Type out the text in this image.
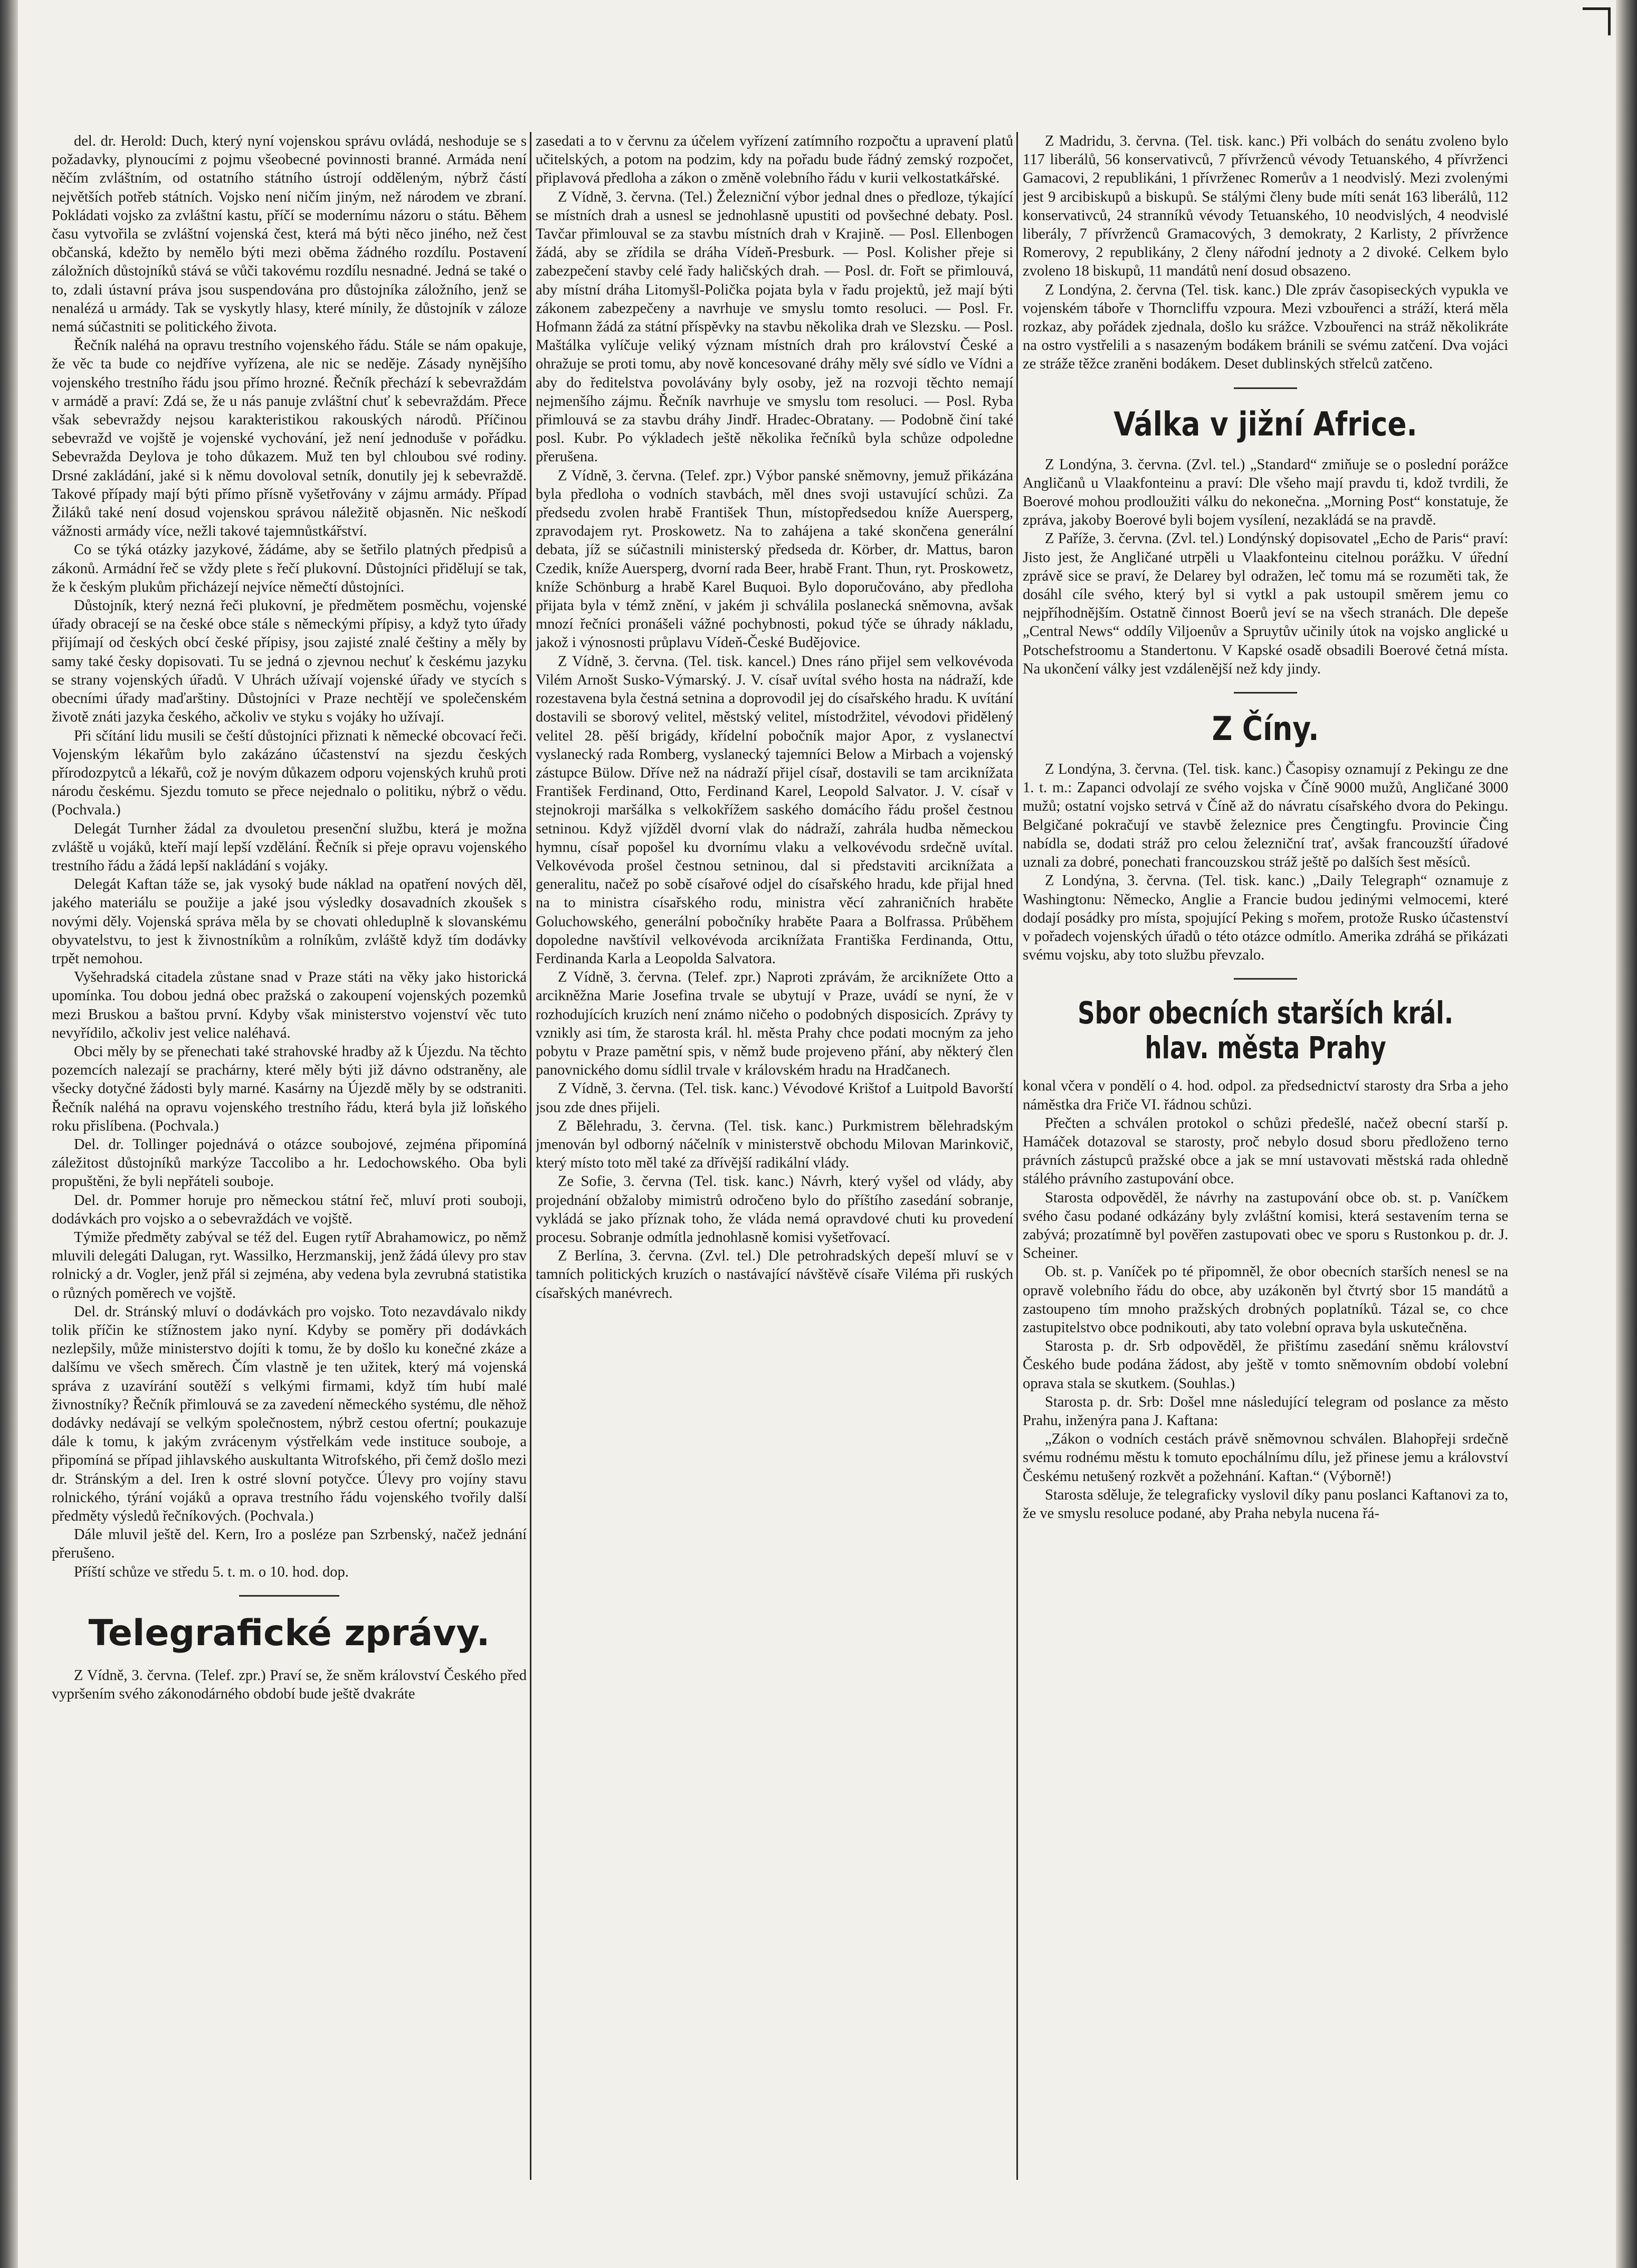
del. dr. Herold: Duch, který nyní vojenskou správu ovládá, neshoduje se s požadavky, plynoucími z pojmu všeobecné povinnosti branné. Armáda není něčím zvláštním, od ostatního státního ústrojí odděleným, nýbrž částí největších potřeb státních. Vojsko není ničím jiným, než národem ve zbraní. Pokládati vojsko za zvláštní kastu, příčí se modernímu názoru o státu. Během času vytvořila se zvláštní vojenská čest, která má býti něco jiného, než čest občanská, kdežto by nemělo býti mezi oběma žádného rozdílu. Postavení záložních důstojníků stává se vůči takovému rozdílu nesnadné. Jedná se také o to, zdali ústavní práva jsou suspendována pro důstojníka záložního, jenž se nenalézá u armády. Tak se vyskytly hlasy, které mínily, že důstojník v záloze nemá súčastniti se politického života.

Řečník naléhá na opravu trestního vojenského řádu. Stále se nám opakuje, že věc ta bude co nejdříve vyřízena, ale nic se neděje. Zásady nynějšího vojenského trestního řádu jsou přímo hrozné. Řečník přechází k sebevraždám v armádě a praví: Zdá se, že u nás panuje zvláštní chuť k sebevraždám. Přece však sebevraždy nejsou karakteristikou rakouských národů. Příčinou sebevražd ve vojště je vojenské vychování, jež není jednoduše v pořádku. Sebevražda Deylova je toho důkazem. Muž ten byl chloubou své rodiny. Drsné zakládání, jaké si k němu dovoloval setník, donutily jej k sebevraždě. Takové případy mají býti přímo přísně vyšetřovány v zájmu armády. Případ Žiláků také není dosud vojenskou správou náležitě objasněn. Nic neškodí vážnosti armády více, nežli takové tajemnůstkářství.

Co se týká otázky jazykové, žádáme, aby se šetřilo platných předpisů a zákonů. Armádní řeč se vždy plete s řečí plukovní. Důstojníci přidělují se tak, že k českým plukům přicházejí nejvíce němečtí důstojníci.

Důstojník, který nezná řeči plukovní, je předmětem posměchu, vojenské úřady obracejí se na české obce stále s německými přípisy, a když tyto úřady přijímají od českých obcí české přípisy, jsou zajisté znalé češtiny a měly by samy také česky dopisovati. Tu se jedná o zjevnou nechuť k českému jazyku se strany vojenských úřadů. V Uhrách užívají vojenské úřady ve stycích s obecními úřady maďarštiny. Důstojníci v Praze nechtějí ve společenském životě znáti jazyka českého, ačkoliv ve styku s vojáky ho užívají.

Při sčítání lidu musili se čeští důstojníci přiznati k německé obcovací řeči. Vojenským lékařům bylo zakázáno účastenství na sjezdu českých přírodozpytců a lékařů, což je novým důkazem odporu vojenských kruhů proti národu českému. Sjezdu tomuto se přece nejednalo o politiku, nýbrž o vědu. (Pochvala.)

Delegát Turnher žádal za dvouletou presenční službu, která je možna zvláště u vojáků, kteří mají lepší vzdělání. Řečník si přeje opravu vojenského trestního řádu a žádá lepší nakládání s vojáky.

Delegát Kaftan táže se, jak vysoký bude náklad na opatření nových děl, jakého materiálu se použije a jaké jsou výsledky dosavadních zkoušek s novými děly. Vojenská správa měla by se chovati ohleduplně k slovanskému obyvatelstvu, to jest k živnostníkům a rolníkům, zvláště když tím dodávky trpět nemohou.

Vyšehradská citadela zůstane snad v Praze státi na věky jako historická upomínka. Tou dobou jedná obec pražská o zakoupení vojenských pozemků mezi Bruskou a baštou první. Kdyby však ministerstvo vojenství věc tuto nevyřídilo, ačkoliv jest velice naléhavá.

Obci měly by se přenechati také strahovské hradby až k Újezdu. Na těchto pozemcích nalezají se prachárny, které měly býti již dávno odstraněny, ale všecky dotyčné žádosti byly marné. Kasárny na Újezdě měly by se odstraniti. Řečník naléhá na opravu vojenského trestního řádu, která byla již loňského roku přislíbena. (Pochvala.)

Del. dr. Tollinger pojednává o otázce soubojové, zejména připomíná záležitost důstojníků markýze Taccolibo a hr. Ledochowského. Oba byli propuštěni, že byli nepřáteli souboje.

Del. dr. Pommer horuje pro německou státní řeč, mluví proti souboji, dodávkách pro vojsko a o sebevraždách ve vojště.

Týmiže předměty zabýval se též del. Eugen rytíř Abrahamowicz, po němž mluvili delegáti Dalugan, ryt. Wassilko, Herzmanskij, jenž žádá úlevy pro stav rolnický a dr. Vogler, jenž přál si zejména, aby vedena byla zevrubná statistika o různých poměrech ve vojště.

Del. dr. Stránský mluví o dodávkách pro vojsko. Toto nezavdávalo nikdy tolik příčin ke stížnostem jako nyní. Kdyby se poměry při dodávkách nezlepšily, může ministerstvo dojíti k tomu, že by došlo ku konečné zkáze a dalšímu ve všech směrech. Čím vlastně je ten užitek, který má vojenská správa z uzavírání soutěží s velkými firmami, když tím hubí malé živnostníky? Řečník přimlouvá se za zavedení německého systému, dle něhož dodávky nedávají se velkým společnostem, nýbrž cestou ofertní; poukazuje dále k tomu, k jakým zvrácenym výstřelkám vede instituce souboje, a připomíná se případ jihlavského auskultanta Witrofského, při čemž došlo mezi dr. Stránským a del. Iren k ostré slovní potyčce. Úlevy pro vojíny stavu rolnického, týrání vojáků a oprava trestního řádu vojenského tvořily další předměty výsledů řečníkových. (Pochvala.)

Dále mluvil ještě del. Kern, Iro a posléze pan Szrbenský, načež jednání přerušeno.

Příští schůze ve středu 5. t. m. o 10. hod. dop.

Telegrafické zprávy.

Z Vídně, 3. června. (Telef. zpr.) Praví se, že sněm království Českého před vypršením svého zákonodárného období bude ještě dvakráte

zasedati a to v červnu za účelem vyřízení zatímního rozpočtu a upravení platů učitelských, a potom na podzim, kdy na pořadu bude řádný zemský rozpočet, připlavová předloha a zákon o změně volebního řádu v kurii velkostatkářské.

Z Vídně, 3. června. (Tel.) Železniční výbor jednal dnes o předloze, týkající se místních drah a usnesl se jednohlasně upustiti od povšechné debaty. Posl. Tavčar přimlouval se za stavbu místních drah v Krajině. — Posl. Ellenbogen žádá, aby se zřídila se dráha Vídeň-Presburk. — Posl. Kolisher přeje si zabezpečení stavby celé řady haličských drah. — Posl. dr. Fořt se přimlouvá, aby místní dráha Litomyšl-Polička pojata byla v řadu projektů, jež mají býti zákonem zabezpečeny a navrhuje ve smyslu tomto resoluci. — Posl. Fr. Hofmann žádá za státní příspěvky na stavbu několika drah ve Slezsku. — Posl. Maštálka vylíčuje veliký význam místních drah pro království České a ohražuje se proti tomu, aby nově koncesované dráhy měly své sídlo ve Vídni a aby do ředitelstva povolávány byly osoby, jež na rozvoji těchto nemají nejmenšího zájmu. Řečník navrhuje ve smyslu tom resoluci. — Posl. Ryba přimlouvá se za stavbu dráhy Jindř. Hradec-Obratany. — Podobně činí také posl. Kubr. Po výkladech ještě několika řečníků byla schůze odpoledne přerušena.

Z Vídně, 3. června. (Telef. zpr.) Výbor panské sněmovny, jemuž přikázána byla předloha o vodních stavbách, měl dnes svoji ustavující schůzi. Za předsedu zvolen hrabě František Thun, místopředsedou kníže Auersperg, zpravodajem ryt. Proskowetz. Na to zahájena a také skončena generální debata, jíž se súčastnili ministerský předseda dr. Körber, dr. Mattus, baron Czedik, kníže Auersperg, dvorní rada Beer, hrabě Frant. Thun, ryt. Proskowetz, kníže Schönburg a hrabě Karel Buquoi. Bylo doporučováno, aby předloha přijata byla v témž znění, v jakém ji schválila poslanecká sněmovna, avšak mnozí řečníci pronášeli vážné pochybnosti, pokud týče se úhrady nákladu, jakož i výnosnosti průplavu Vídeň-České Budějovice.

Z Vídně, 3. června. (Tel. tisk. kancel.) Dnes ráno přijel sem velkovévoda Vilém Arnošt Susko-Výmarský. J. V. císař uvítal svého hosta na nádraží, kde rozestavena byla čestná setnina a doprovodil jej do císařského hradu. K uvítání dostavili se sborový velitel, městský velitel, místodržitel, vévodovi přidělený velitel 28. pěší brigády, křídelní pobočník major Apor, z vyslanectví vyslanecký rada Romberg, vyslanecký tajemníci Below a Mirbach a vojenský zástupce Bülow. Dříve než na nádraží přijel císař, dostavili se tam arciknížata František Ferdinand, Otto, Ferdinand Karel, Leopold Salvator. J. V. císař v stejnokroji maršálka s velkokřížem saského domácího řádu prošel čestnou setninou. Když vjížděl dvorní vlak do nádraží, zahrála hudba německou hymnu, císař popošel ku dvornímu vlaku a velkovévodu srdečně uvítal. Velkovévoda prošel čestnou setninou, dal si představiti arciknížata a generalitu, načež po sobě císařové odjel do císařského hradu, kde přijal hned na to ministra císařského rodu, ministra věcí zahraničních hraběte Goluchowského, generální pobočníky hraběte Paara a Bolfrassa. Průběhem dopoledne navštívil velkovévoda arciknížata Františka Ferdinanda, Ottu, Ferdinanda Karla a Leopolda Salvatora.

Z Vídně, 3. června. (Telef. zpr.) Naproti zprávám, že arciknížete Otto a arcikněžna Marie Josefina trvale se ubytují v Praze, uvádí se nyní, že v rozhodujících kruzích není známo ničeho o podobných disposicích. Zprávy ty vznikly asi tím, že starosta král. hl. města Prahy chce podati mocným za jeho pobytu v Praze pamětní spis, v němž bude projeveno přání, aby některý člen panovnického domu sídlil trvale v královském hradu na Hradčanech.

Z Vídně, 3. června. (Tel. tisk. kanc.) Vévodové Krištof a Luitpold Bavorští jsou zde dnes přijeli.

Z Bělehradu, 3. června. (Tel. tisk. kanc.) Purkmistrem bělehradským jmenován byl odborný náčelník v ministerstvě obchodu Milovan Marinkovič, který místo toto měl také za dřívější radikální vlády.

Ze Sofie, 3. června (Tel. tisk. kanc.) Návrh, který vyšel od vlády, aby projednání obžaloby mimistrů odročeno bylo do příštího zasedání sobranje, vykládá se jako příznak toho, že vláda nemá opravdové chuti ku provedení procesu. Sobranje odmítla jednohlasně komisi vyšetřovací.

Z Berlína, 3. června. (Zvl. tel.) Dle petrohradských depeší mluví se v tamních politických kruzích o nastávající návštěvě císaře Viléma při ruských císařských manévrech.

Z Madridu, 3. června. (Tel. tisk. kanc.) Při volbách do senátu zvoleno bylo 117 liberálů, 56 konservativců, 7 přívrženců vévody Tetuanského, 4 přívrženci Gamacovi, 2 republikáni, 1 přívrženec Romerův a 1 neodvislý. Mezi zvolenými jest 9 arcibiskupů a biskupů. Se stálými členy bude míti senát 163 liberálů, 112 konservativců, 24 stranníků vévody Tetuanského, 10 neodvislých, 4 neodvislé liberály, 7 přívrženců Gramacových, 3 demokraty, 2 Karlisty, 2 přívržence Romerovy, 2 republikány, 2 členy nářodní jednoty a 2 divoké. Celkem bylo zvoleno 18 biskupů, 11 mandátů není dosud obsazeno.

Z Londýna, 2. června (Tel. tisk. kanc.) Dle zpráv časopiseckých vypukla ve vojenském táboře v Thorncliffu vzpoura. Mezi vzbouřenci a stráží, která měla rozkaz, aby pořádek zjednala, došlo ku srážce. Vzbouřenci na stráž několikráte na ostro vystřelili a s nasazeným bodákem bránili se svému zatčení. Dva vojáci ze stráže těžce zraněni bodákem. Deset dublinských střelců zatčeno.

Válka v jižní Africe.

Z Londýna, 3. června. (Zvl. tel.) „Standard“ zmiňuje se o poslední porážce Angličanů u Vlaakfonteinu a praví: Dle všeho mají pravdu ti, kdož tvrdili, že Boerové mohou prodloužiti válku do nekonečna. „Morning Post“ konstatuje, že zpráva, jakoby Boerové byli bojem vysílení, nezakládá se na pravdě.

Z Paříže, 3. června. (Zvl. tel.) Londýnský dopisovatel „Echo de Paris“ praví: Jisto jest, že Angličané utrpěli u Vlaakfonteinu citelnou porážku. V úřední zprávě sice se praví, že Delarey byl odražen, leč tomu má se rozuměti tak, že dosáhl cíle svého, který byl si vytkl a pak ustoupil směrem jemu co nejpříhodnějším. Ostatně činnost Boerů jeví se na všech stranách. Dle depeše „Central News“ oddíly Viljoenův a Spruytův učinily útok na vojsko anglické u Potschefstroomu a Standertonu. V Kapské osadě obsadili Boerové četná místa. Na ukončení války jest vzdálenější než kdy jindy.

Z Číny.

Z Londýna, 3. června. (Tel. tisk. kanc.) Časopisy oznamují z Pekingu ze dne 1. t. m.: Zapanci odvolají ze svého vojska v Číně 9000 mužů, Angličané 3000 mužů; ostatní vojsko setrvá v Číně až do návratu císařského dvora do Pekingu. Belgičané pokračují ve stavbě železnice pres Čengtingfu. Provincie Čing nabídla se, dodati stráž pro celou železniční trať, avšak francouzští úřadové uznali za dobré, ponechati francouzskou stráž ještě po dalších šest měsíců.

Z Londýna, 3. června. (Tel. tisk. kanc.) „Daily Telegraph“ oznamuje z Washingtonu: Německo, Anglie a Francie budou jedinými velmocemi, které dodají posádky pro místa, spojující Peking s mořem, protože Rusko účastenství v pořadech vojenských úřadů o této otázce odmítlo. Amerika zdráhá se přikázati svému vojsku, aby toto službu převzalo.

Sbor obecních starších král. hlav. města Prahy

konal včera v pondělí o 4. hod. odpol. za předsednictví starosty dra Srba a jeho náměstka dra Friče VI. řádnou schůzi.

Přečten a schválen protokol o schůzi předešlé, načež obecní starší p. Hamáček dotazoval se starosty, proč nebylo dosud sboru předloženo terno právních zástupců pražské obce a jak se mní ustavovati městská rada ohledně stálého právního zastupování obce.

Starosta odpověděl, že návrhy na zastupování obce ob. st. p. Vaníčkem svého času podané odkázány byly zvláštní komisi, která sestavením terna se zabývá; prozatímně byl pověřen zastupovati obec ve sporu s Rustonkou p. dr. J. Scheiner.

Ob. st. p. Vaníček po té připomněl, že obor obecních starších nenesl se na opravě volebního řádu do obce, aby uzákoněn byl čtvrtý sbor 15 mandátů a zastoupeno tím mnoho pražských drobných poplatníků. Tázal se, co chce zastupitelstvo obce podnikouti, aby tato volební oprava byla uskutečněna.

Starosta p. dr. Srb odpověděl, že přištímu zasedání sněmu království Českého bude podána žádost, aby ještě v tomto sněmovním období volební oprava stala se skutkem. (Souhlas.)

Starosta p. dr. Srb: Došel mne následující telegram od poslance za město Prahu, inženýra pana J. Kaftana:

„Zákon o vodních cestách právě sněmovnou schválen. Blahopřeji srdečně svému rodnému městu k tomuto epochálnímu dílu, jež přinese jemu a království Českému netušený rozkvět a požehnání. Kaftan.“ (Výborně!)

Starosta sděluje, že telegraficky vyslovil díky panu poslanci Kaftanovi za to, že ve smyslu resoluce podané, aby Praha nebyla nucena řá-
